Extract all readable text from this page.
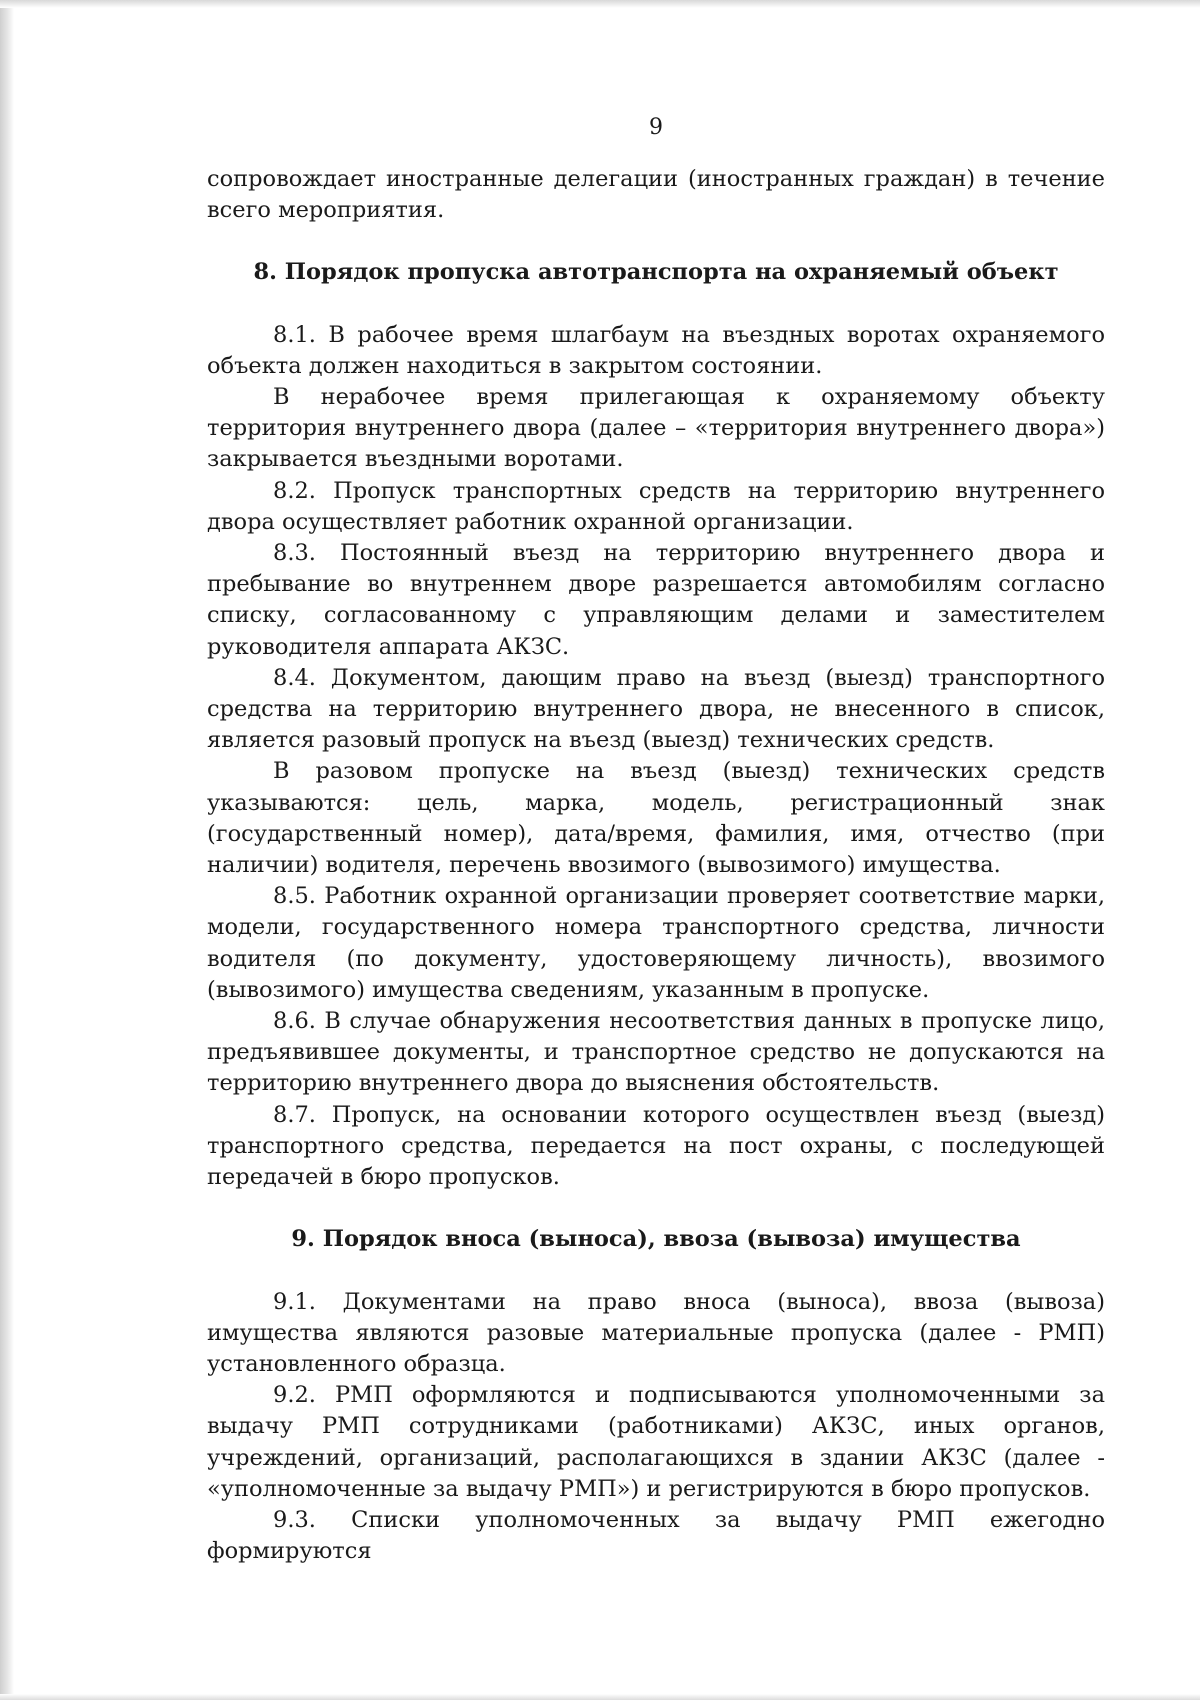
9

сопровождает иностранные делегации (иностранных граждан) в течение всего мероприятия.

8. Порядок пропуска автотранспорта на охраняемый объект

8.1. В рабочее время шлагбаум на въездных воротах охраняемого объекта должен находиться в закрытом состоянии.

В нерабочее время прилегающая к охраняемому объекту территория внутреннего двора (далее – «территория внутреннего двора») закрывается въездными воротами.

8.2. Пропуск транспортных средств на территорию внутреннего двора осуществляет работник охранной организации.

8.3. Постоянный въезд на территорию внутреннего двора и пребывание во внутреннем дворе разрешается автомобилям согласно списку, согласованному с управляющим делами и заместителем руководителя аппарата АКЗС.

8.4. Документом, дающим право на въезд (выезд) транспортного средства на территорию внутреннего двора, не внесенного в список, является разовый пропуск на въезд (выезд) технических средств.

В разовом пропуске на въезд (выезд) технических средств указываются: цель, марка, модель, регистрационный знак (государственный номер), дата/время, фамилия, имя, отчество (при наличии) водителя, перечень ввозимого (вывозимого) имущества.

8.5. Работник охранной организации проверяет соответствие марки, модели, государственного номера транспортного средства, личности водителя (по документу, удостоверяющему личность), ввозимого (вывозимого) имущества сведениям, указанным в пропуске.

8.6. В случае обнаружения несоответствия данных в пропуске лицо, предъявившее документы, и транспортное средство не допускаются на территорию внутреннего двора до выяснения обстоятельств.

8.7. Пропуск, на основании которого осуществлен въезд (выезд) транспортного средства, передается на пост охраны, с последующей передачей в бюро пропусков.

9. Порядок вноса (выноса), ввоза (вывоза) имущества

9.1. Документами на право вноса (выноса), ввоза (вывоза) имущества являются разовые материальные пропуска (далее - РМП) установленного образца.

9.2. РМП оформляются и подписываются уполномоченными за выдачу РМП сотрудниками (работниками) АКЗС, иных органов, учреждений, организаций, располагающихся в здании АКЗС (далее - «уполномоченные за выдачу РМП») и регистрируются в бюро пропусков.

9.3. Списки уполномоченных за выдачу РМП ежегодно формируются
